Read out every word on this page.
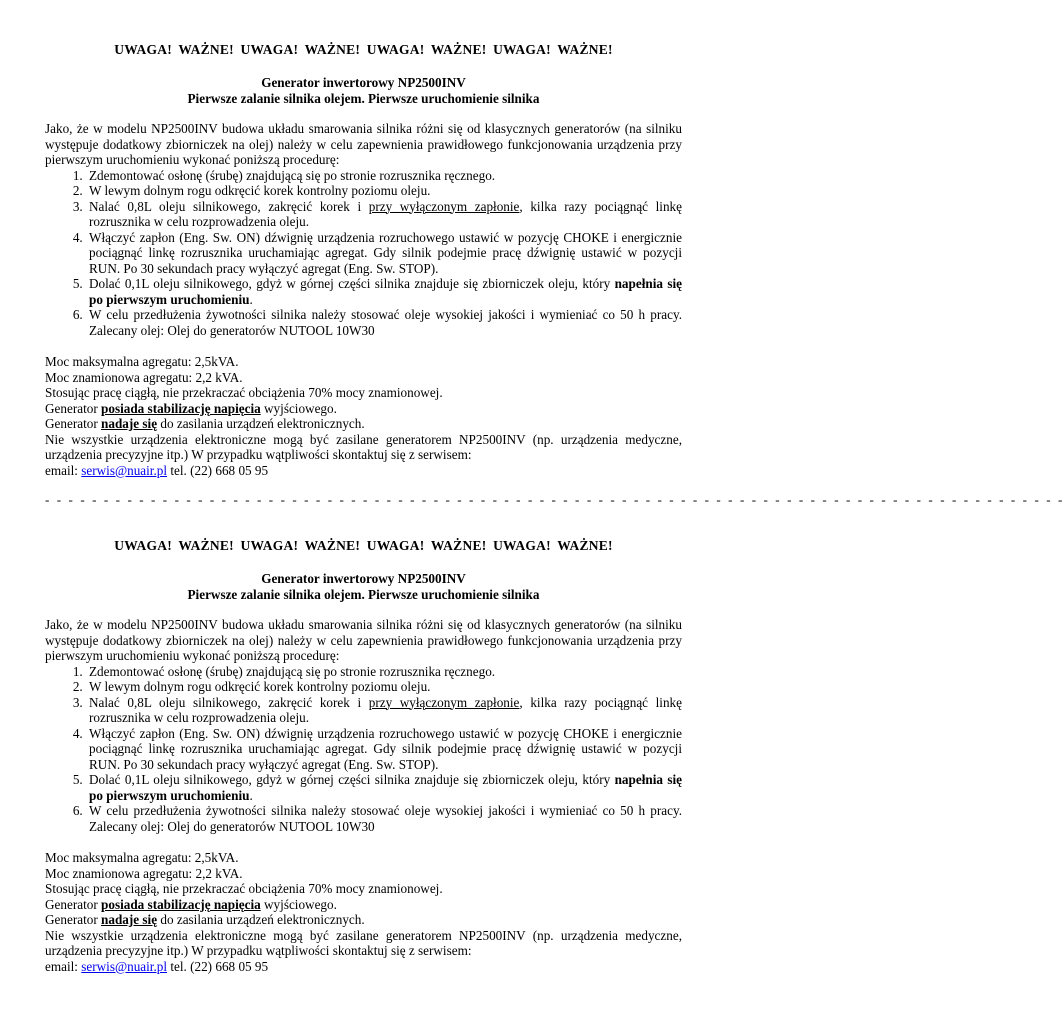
UWAGA! WAŻNE! UWAGA! WAŻNE! UWAGA! WAŻNE! UWAGA! WAŻNE!

Generator inwertorowy NP2500INV

Pierwsze zalanie silnika olejem. Pierwsze uruchomienie silnika

Jako, że w modelu NP2500INV budowa układu smarowania silnika różni się od klasycznych generatorów (na silniku występuje dodatkowy zbiorniczek na olej) należy w celu zapewnienia prawidłowego funkcjonowania urządzenia przy pierwszym uruchomieniu wykonać poniższą procedurę:

1. Zdemontować osłonę (śrubę) znajdującą się po stronie rozrusznika ręcznego.
2. W lewym dolnym rogu odkręcić korek kontrolny poziomu oleju.
3. Nalać 0,8L oleju silnikowego, zakręcić korek i przy wyłączonym zapłonie, kilka razy pociągnąć linkę rozrusznika w celu rozprowadzenia oleju.
4. Włączyć zapłon (Eng. Sw. ON) dźwignię urządzenia rozruchowego ustawić w pozycję CHOKE i energicznie pociągnąć linkę rozrusznika uruchamiając agregat. Gdy silnik podejmie pracę dźwignię ustawić w pozycji RUN. Po 30 sekundach pracy wyłączyć agregat (Eng. Sw. STOP).
5. Dolać 0,1L oleju silnikowego, gdyż w górnej części silnika znajduje się zbiorniczek oleju, który napełnia się po pierwszym uruchomieniu.
6. W celu przedłużenia żywotności silnika należy stosować oleje wysokiej jakości i wymieniać co 50 h pracy. Zalecany olej: Olej do generatorów NUTOOL 10W30

Moc maksymalna agregatu: 2,5kVA.

Moc znamionowa agregatu: 2,2 kVA.

Stosując pracę ciągłą, nie przekraczać obciążenia 70% mocy znamionowej.

Generator posiada stabilizację napięcia wyjściowego.

Generator nadaje się do zasilania urządzeń elektronicznych.

Nie wszystkie urządzenia elektroniczne mogą być zasilane generatorem NP2500INV (np. urządzenia medyczne, urządzenia precyzyjne itp.) W przypadku wątpliwości skontaktuj się z serwisem:

email: serwis@nuair.pl tel. (22) 668 05 95

- - - - - - - - - - - - - - - - - - - - - - - - - - - - - - - - - - - - - - - - - - - - - - - - - - - - - - - - - - - - - - - - - - - - - - - - - - - - - - - - - - - - - - -

UWAGA! WAŻNE! UWAGA! WAŻNE! UWAGA! WAŻNE! UWAGA! WAŻNE!

Generator inwertorowy NP2500INV

Pierwsze zalanie silnika olejem. Pierwsze uruchomienie silnika

Jako, że w modelu NP2500INV budowa układu smarowania silnika różni się od klasycznych generatorów (na silniku występuje dodatkowy zbiorniczek na olej) należy w celu zapewnienia prawidłowego funkcjonowania urządzenia przy pierwszym uruchomieniu wykonać poniższą procedurę:

1. Zdemontować osłonę (śrubę) znajdującą się po stronie rozrusznika ręcznego.
2. W lewym dolnym rogu odkręcić korek kontrolny poziomu oleju.
3. Nalać 0,8L oleju silnikowego, zakręcić korek i przy wyłączonym zapłonie, kilka razy pociągnąć linkę rozrusznika w celu rozprowadzenia oleju.
4. Włączyć zapłon (Eng. Sw. ON) dźwignię urządzenia rozruchowego ustawić w pozycję CHOKE i energicznie pociągnąć linkę rozrusznika uruchamiając agregat. Gdy silnik podejmie pracę dźwignię ustawić w pozycji RUN. Po 30 sekundach pracy wyłączyć agregat (Eng. Sw. STOP).
5. Dolać 0,1L oleju silnikowego, gdyż w górnej części silnika znajduje się zbiorniczek oleju, który napełnia się po pierwszym uruchomieniu.
6. W celu przedłużenia żywotności silnika należy stosować oleje wysokiej jakości i wymieniać co 50 h pracy. Zalecany olej: Olej do generatorów NUTOOL 10W30

Moc maksymalna agregatu: 2,5kVA.

Moc znamionowa agregatu: 2,2 kVA.

Stosując pracę ciągłą, nie przekraczać obciążenia 70% mocy znamionowej.

Generator posiada stabilizację napięcia wyjściowego.

Generator nadaje się do zasilania urządzeń elektronicznych.

Nie wszystkie urządzenia elektroniczne mogą być zasilane generatorem NP2500INV (np. urządzenia medyczne, urządzenia precyzyjne itp.) W przypadku wątpliwości skontaktuj się z serwisem:

email: serwis@nuair.pl tel. (22) 668 05 95
